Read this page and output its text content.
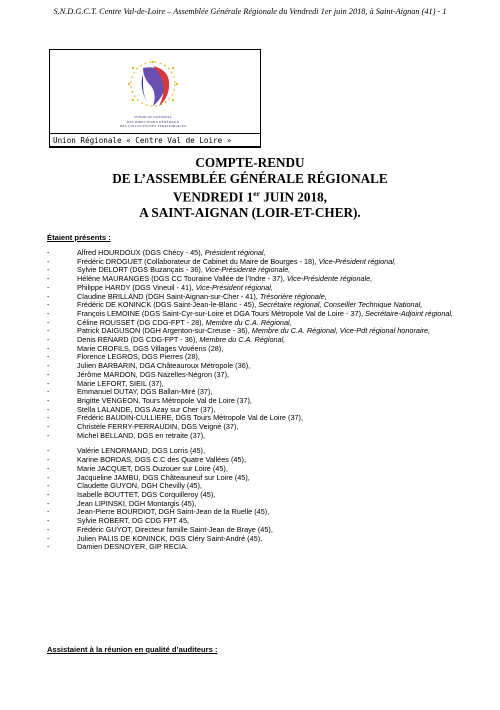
S.N.D.G.C.T. Centre Val-de-Loire – Assemblée Générale Régionale du Vendredi 1er juin 2018, à Saint-Aignan (41) - 1
SYNDICAT NATIONAL
DES DIRECTEURS GÉNÉRAUX
DES COLLECTIVITÉS TERRITORIALES
Union Régionale « Centre Val de Loire »
COMPTE-RENDU
DE L’ASSEMBLÉE GÉNÉRALE RÉGIONALE
VENDREDI 1er JUIN 2018,
A SAINT-AIGNAN (LOIR-ET-CHER).
Étaient présents :
-	Alfred HOURDOUX (DGS Chécy - 45), Président régional,
-	Frédéric DROGUET (Collaborateur de Cabinet du Maire de Bourges - 18), Vice-Président régional,
-	Sylvie DELORT (DGS Buzançais - 36), Vice-Présidente régionale,
-	Hélène MAURANGES (DGS CC Touraine Vallée de l’Indre - 37), Vice-Présidente régionale,
-	Philippe HARDY (DGS Vineuil - 41), Vice-Président régional,
-	Claudine BRILLAND (DGH Saint-Aignan-sur-Cher - 41), Trésorière régionale,
-	Frédéric DE KONINCK (DGS Saint-Jean-le-Blanc - 45), Secrétaire régional, Conseiller Technique National,
-	François LEMOINE (DGS Saint-Cyr-sur-Loire et DGA Tours Métropole Val de Loire - 37), Secrétaire-Adjoint régional,
-	Céline ROUSSET (DG CDG-FPT - 28), Membre du C.A. Régional,
-	Patrick DAIGUSON (DGH Argenton-sur-Creuse - 36), Membre du C.A. Régional, Vice-Pdt régional honoraire,
-	Denis RENARD (DG CDG-FPT - 36), Membre du C.A. Régional,
-	Marie CROFILS, DGS Villages Vovéens (28),
-	Florence LEGROS, DGS Pierres (28),
-	Julien BARBARIN, DGA Châteauroux Métropole (36),
-	Jérôme MARDON, DGS Nazelles-Négron (37),
-	Marie LEFORT, SIEIL (37),
-	Emmanuel DUTAY, DGS Ballan-Miré (37),
-	Brigitte VENGEON, Tours Métropole Val de Loire (37),
-	Stella LALANDE, DGS Azay sur Cher (37),
-	Frédéric BAUDIN-CULLIERE, DGS Tours Métropole Val de Loire (37),
-	Christèle FERRY-PERRAUDIN, DGS Veigné (37),
-	Michel BELLAND, DGS en retraite (37),
-	Valérie LENORMAND, DGS Lorris (45),
-	Karine BORDAS, DGS C.C des Quatre Vallées (45),
-	Marie JACQUET, DGS Ouzouer sur Loire (45),
-	Jacqueline JAMBU, DGS Châteauneuf sur Loire (45),
-	Claudette GUYON, DGH Chevilly (45),
-	Isabelle BOUTTET, DGS Corquilleroy (45),
-	Jean LIPINSKI, DGH Montargis (45),
-	Jean-Pierre BOURDIOT, DGH Saint-Jean de la Ruelle (45),
-	Sylvie ROBERT, DG CDG FPT 45,
-	Frédéric GUYOT, Directeur famille Saint-Jean de Braye (45),
-	Julien PALIS DE KONINCK, DGS Cléry Saint-André (45),
-	Damien DESNOYER, GIP RECIA.
Assistaient à la réunion en qualité d’auditeurs :
